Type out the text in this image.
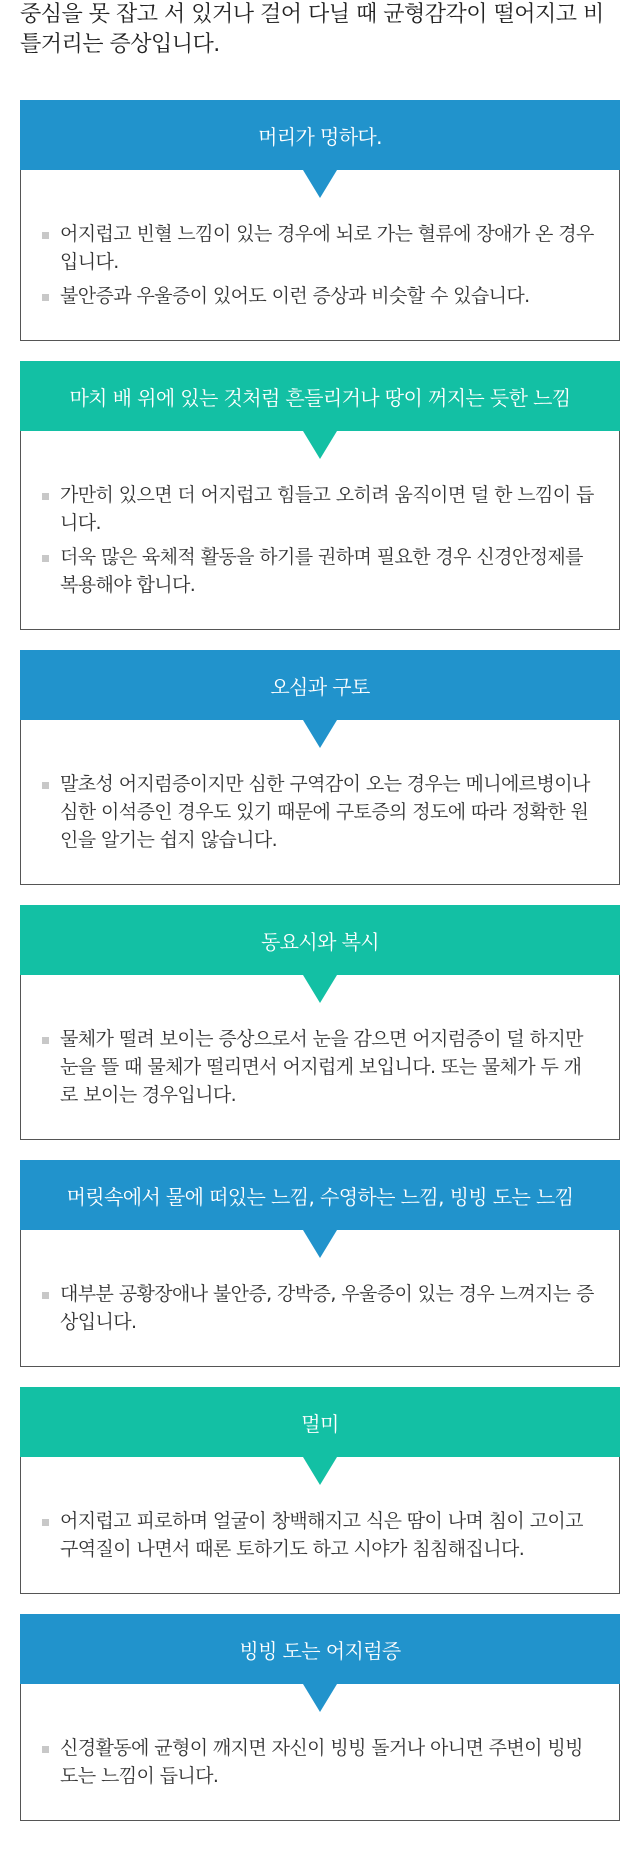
중심을 못 잡고 서 있거나 걸어 다닐 때 균형감각이 떨어지고 비틀거리는 증상입니다.

머리가 멍하다.
어지럽고 빈혈 느낌이 있는 경우에 뇌로 가는 혈류에 장애가 온 경우입니다.
불안증과 우울증이 있어도 이런 증상과 비슷할 수 있습니다.
마치 배 위에 있는 것처럼 흔들리거나 땅이 꺼지는 듯한 느낌
가만히 있으면 더 어지럽고 힘들고 오히려 움직이면 덜 한 느낌이 듭니다.
더욱 많은 육체적 활동을 하기를 권하며 필요한 경우 신경안정제를 복용해야 합니다.
오심과 구토
말초성 어지럼증이지만 심한 구역감이 오는 경우는 메니에르병이나 심한 이석증인 경우도 있기 때문에 구토증의 정도에 따라 정확한 원인을 알기는 쉽지 않습니다.
동요시와 복시
물체가 떨려 보이는 증상으로서 눈을 감으면 어지럼증이 덜 하지만 눈을 뜰 때 물체가 떨리면서 어지럽게 보입니다. 또는 물체가 두 개로 보이는 경우입니다.
머릿속에서 물에 떠있는 느낌, 수영하는 느낌, 빙빙 도는 느낌
대부분 공황장애나 불안증, 강박증, 우울증이 있는 경우 느껴지는 증상입니다.
멀미
어지럽고 피로하며 얼굴이 창백해지고 식은 땀이 나며 침이 고이고 구역질이 나면서 때론 토하기도 하고 시야가 침침해집니다.
빙빙 도는 어지럼증
신경활동에 균형이 깨지면 자신이 빙빙 돌거나 아니면 주변이 빙빙 도는 느낌이 듭니다.
